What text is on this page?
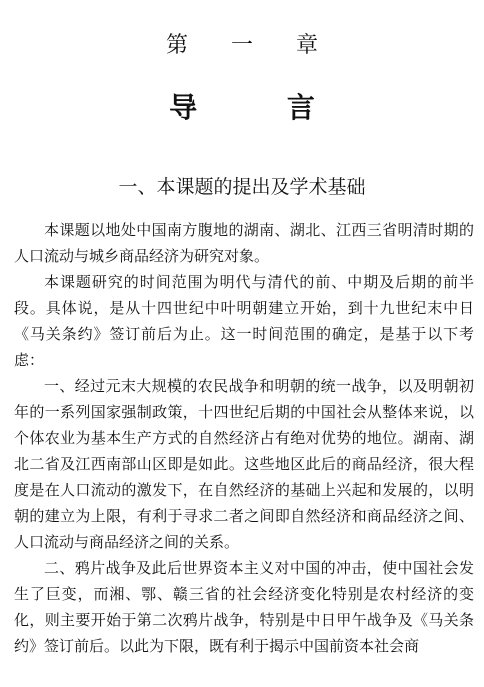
第 一 章
导 言
一、本课题的提出及学术基础

本课题以地处中国南方腹地的湖南、湖北、江西三省明清时期的人口流动与城乡商品经济为研究对象。

本课题研究的时间范围为明代与清代的前、中期及后期的前半段。具体说，是从十四世纪中叶明朝建立开始，到十九世纪末中日《马关条约》签订前后为止。这一时间范围的确定，是基于以下考虑：

一、经过元末大规模的农民战争和明朝的统一战争，以及明朝初年的一系列国家强制政策，十四世纪后期的中国社会从整体来说，以个体农业为基本生产方式的自然经济占有绝对优势的地位。湖南、湖北二省及江西南部山区即是如此。这些地区此后的商品经济，很大程度是在人口流动的激发下，在自然经济的基础上兴起和发展的，以明朝的建立为上限，有利于寻求二者之间即自然经济和商品经济之间、人口流动与商品经济之间的关系。

二、鸦片战争及此后世界资本主义对中国的冲击，使中国社会发生了巨变，而湘、鄂、赣三省的社会经济变化特别是农村经济的变化，则主要开始于第二次鸦片战争，特别是中日甲午战争及《马关条约》签订前后。以此为下限，既有利于揭示中国前资本社会商
